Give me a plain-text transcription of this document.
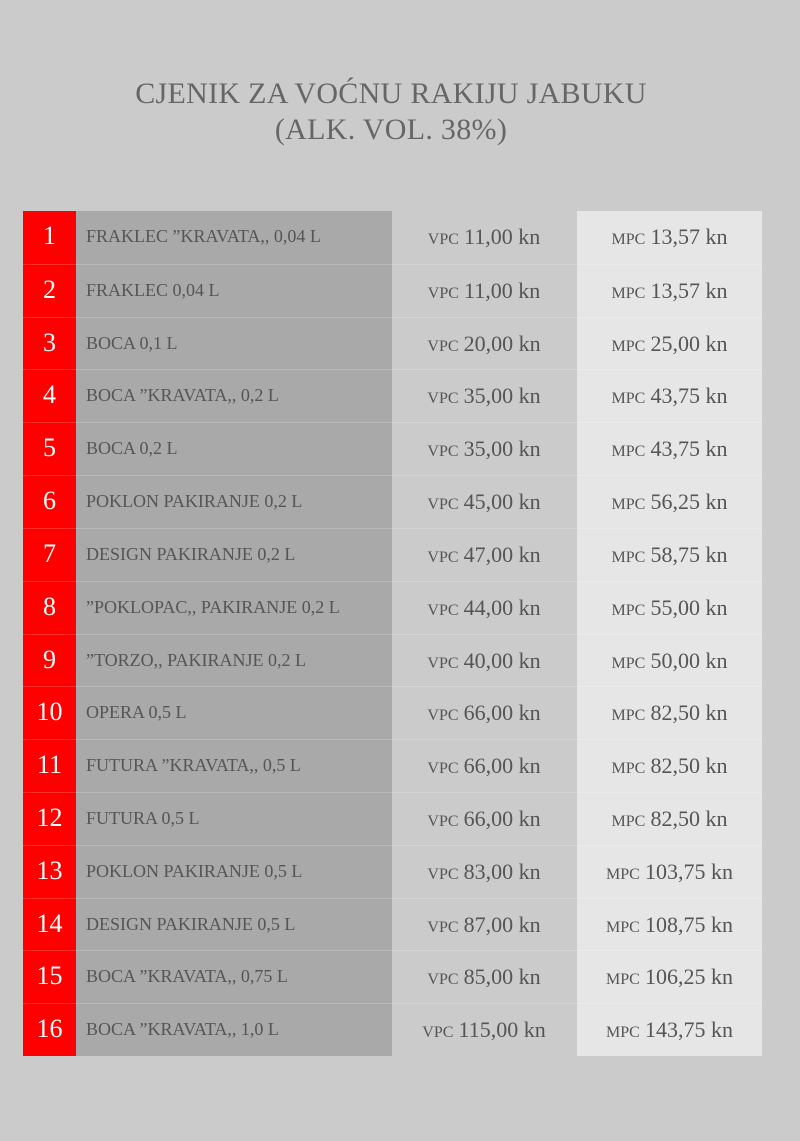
CJENIK ZA VOĆNU RAKIJU JABUKU
(ALK. VOL. 38%)
1	FRAKLEC ”KRAVATA,, 0,04 L	VPC 11,00 kn	MPC 13,57 kn
2	FRAKLEC 0,04 L	VPC 11,00 kn	MPC 13,57 kn
3	BOCA 0,1 L	VPC 20,00 kn	MPC 25,00 kn
4	BOCA ”KRAVATA,, 0,2 L	VPC 35,00 kn	MPC 43,75 kn
5	BOCA 0,2 L	VPC 35,00 kn	MPC 43,75 kn
6	POKLON PAKIRANJE 0,2 L	VPC 45,00 kn	MPC 56,25 kn
7	DESIGN PAKIRANJE 0,2 L	VPC 47,00 kn	MPC 58,75 kn
8	”POKLOPAC,, PAKIRANJE 0,2 L	VPC 44,00 kn	MPC 55,00 kn
9	”TORZO,, PAKIRANJE 0,2 L	VPC 40,00 kn	MPC 50,00 kn
10	OPERA 0,5 L	VPC 66,00 kn	MPC 82,50 kn
11	FUTURA ”KRAVATA,, 0,5 L	VPC 66,00 kn	MPC 82,50 kn
12	FUTURA 0,5 L	VPC 66,00 kn	MPC 82,50 kn
13	POKLON PAKIRANJE 0,5 L	VPC 83,00 kn	MPC 103,75 kn
14	DESIGN PAKIRANJE 0,5 L	VPC 87,00 kn	MPC 108,75 kn
15	BOCA ”KRAVATA,, 0,75 L	VPC 85,00 kn	MPC 106,25 kn
16	BOCA ”KRAVATA,, 1,0 L	VPC 115,00 kn	MPC 143,75 kn
